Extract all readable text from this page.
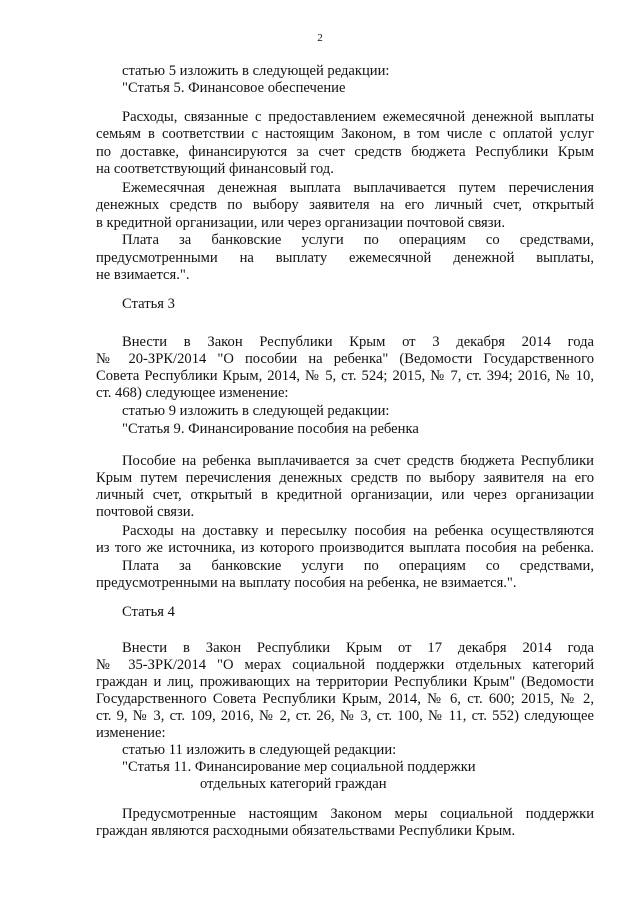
2

статью 5 изложить в следующей редакции:

"Статья 5. Финансовое обеспечение

Расходы, связанные с предоставлением ежемесячной денежной выплаты

семьям в соответствии с настоящим Законом, в том числе с оплатой услуг

по доставке, финансируются за счет средств бюджета Республики Крым

на соответствующий финансовый год.

Ежемесячная денежная выплата выплачивается путем перечисления

денежных средств по выбору заявителя на его личный счет, открытый

в кредитной организации, или через организации почтовой связи.

Плата за банковские услуги по операциям со средствами,

предусмотренными на выплату ежемесячной денежной выплаты,

не взимается.".

Статья 3

Внести в Закон Республики Крым от 3 декабря 2014 года

№ 20-ЗРК/2014 "О пособии на ребенка" (Ведомости Государственного

Совета Республики Крым, 2014, № 5, ст. 524; 2015, № 7, ст. 394; 2016, № 10,

ст. 468) следующее изменение:

статью 9 изложить в следующей редакции:

"Статья 9. Финансирование пособия на ребенка

Пособие на ребенка выплачивается за счет средств бюджета Республики

Крым путем перечисления денежных средств по выбору заявителя на его

личный счет, открытый в кредитной организации, или через организации

почтовой связи.

Расходы на доставку и пересылку пособия на ребенка осуществляются

из того же источника, из которого производится выплата пособия на ребенка.

Плата за банковские услуги по операциям со средствами,

предусмотренными на выплату пособия на ребенка, не взимается.".

Статья 4

Внести в Закон Республики Крым от 17 декабря 2014 года

№ 35-ЗРК/2014 "О мерах социальной поддержки отдельных категорий

граждан и лиц, проживающих на территории Республики Крым" (Ведомости

Государственного Совета Республики Крым, 2014, № 6, ст. 600; 2015, № 2,

ст. 9, № 3, ст. 109, 2016, № 2, ст. 26, № 3, ст. 100, № 11, ст. 552) следующее

изменение:

статью 11 изложить в следующей редакции:

"Статья 11. Финансирование мер социальной поддержки

отдельных категорий граждан

Предусмотренные настоящим Законом меры социальной поддержки

граждан являются расходными обязательствами Республики Крым.
